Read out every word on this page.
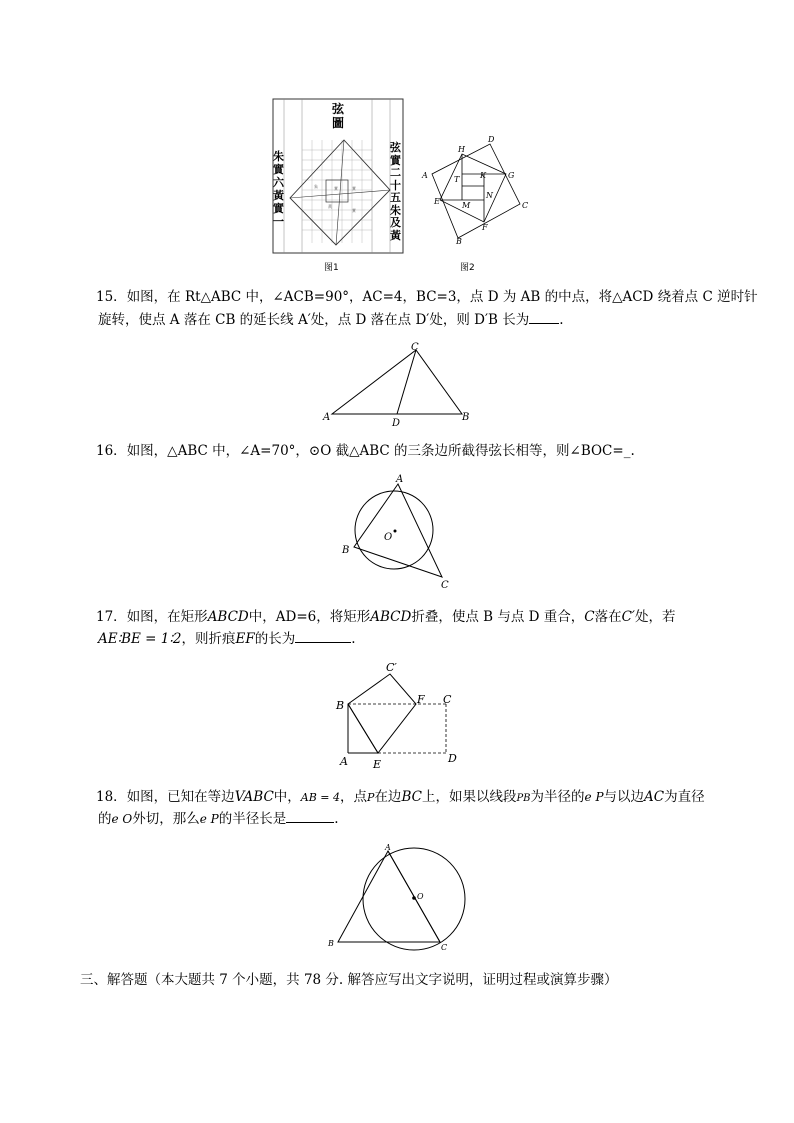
朱	實	實
黃
實
弦圖
朱實六黃實一
弦實二十五朱及黃
图1
A
B
C
D
E
F
G
H
T	K
M
N
图2
15．如图，在 Rt△ABC 中，∠ACB=90°，AC=4，BC=3，点 D 为 AB 的中点，将△ACD 绕着点 C 逆时针
旋转，使点 A 落在 CB 的延长线 A′处，点 D 落在点 D′处，则 D′B 长为 .
A	B
C
D
16．如图，△ABC 中，∠A=70°，⊙O 截△ABC 的三条边所截得弦长相等，则∠BOC=_.
A
B
C
O
17．如图，在矩形ABCD中，AD=6，将矩形ABCD折叠，使点 B 与点 D 重合，C落在C′处，若
AE∶BE = 1∶2，则折痕EF的长为	.
B
A E
C′
F C
D
18．如图，已知在等边VABC中，AB = 4，点P在边BC上，如果以线段PB为半径的e P与以边AC为直径
的e O外切，那么e P的半径长是	.
A
B	C
O
三、解答题（本大题共 7 个小题，共 78 分. 解答应写出文字说明，证明过程或演算步骤）
